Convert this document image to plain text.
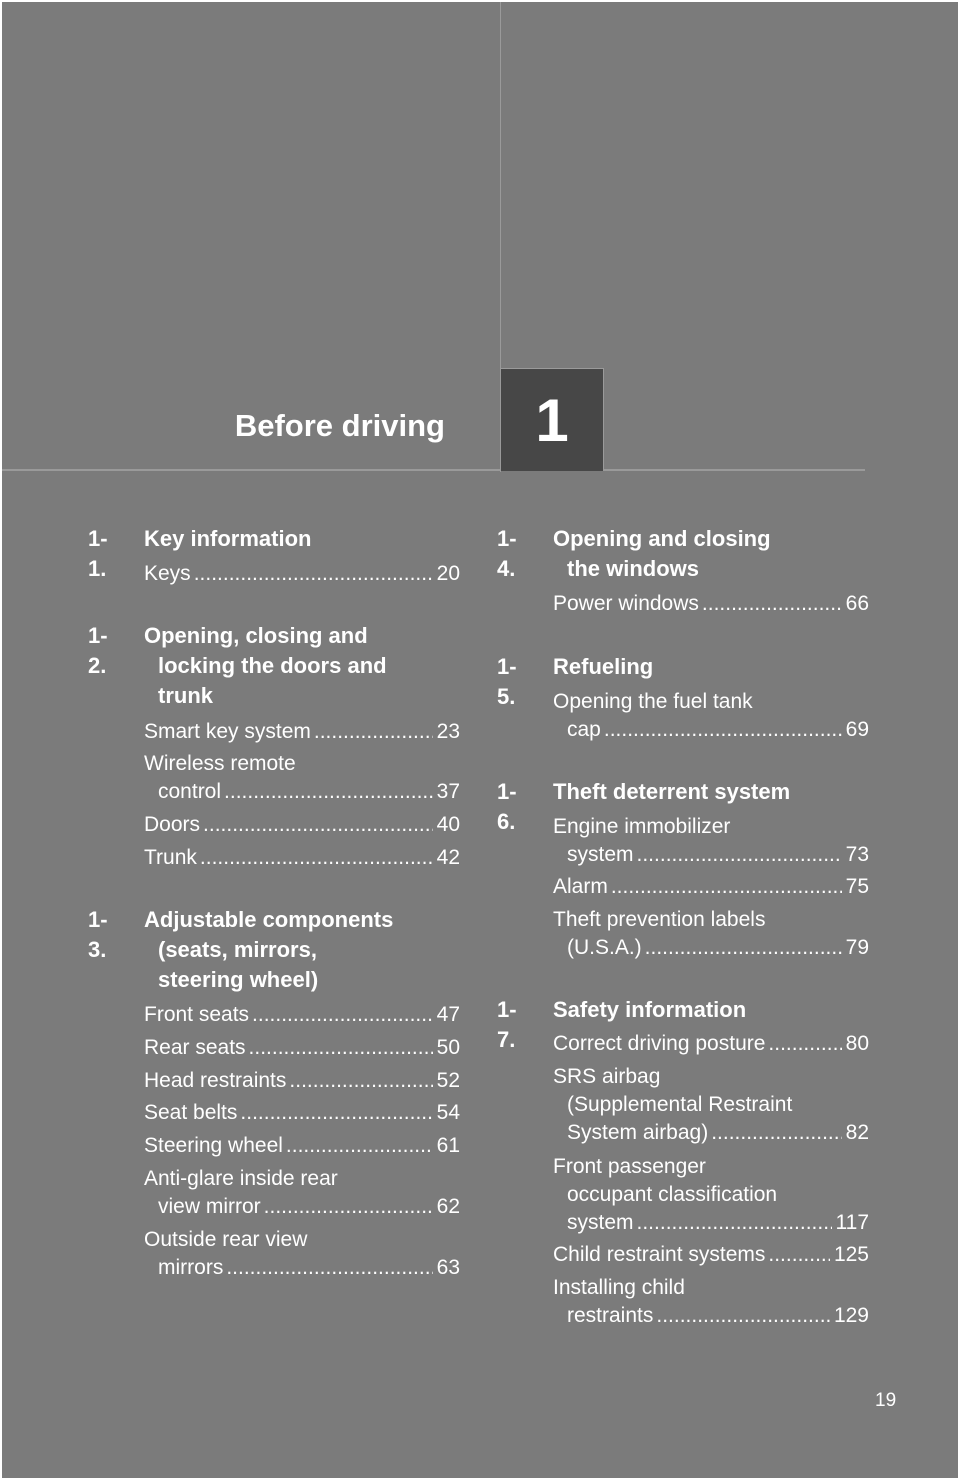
Before driving 1
1-1.
Key information
Keys .....	20
1-2.
Opening, closing and
locking the doors and
trunk
Smart key system .....	23
Wireless remote
control .....	37
Doors .....	40
Trunk .....	42
1-3.
Adjustable components
(seats, mirrors,
steering wheel)
Front seats .....	47
Rear seats .....	50
Head restraints .....	52
Seat belts .....	54
Steering wheel .....	61
Anti-glare inside rear
view mirror .....	62
Outside rear view
mirrors .....	63
1-4.
Opening and closing
the windows
Power windows .....	66
1-5.
Refueling
Opening the fuel tank
cap .....	69
1-6.
Theft deterrent system
Engine immobilizer
system .....	73
Alarm .....	75
Theft prevention labels
(U.S.A.) .....	79
1-7.
Safety information
Correct driving posture .....	80
SRS airbag
(Supplemental Restraint
System airbag) .....	82
Front passenger
occupant classification
system .....	117
Child restraint systems .....	125
Installing child
restraints .....	129
19
